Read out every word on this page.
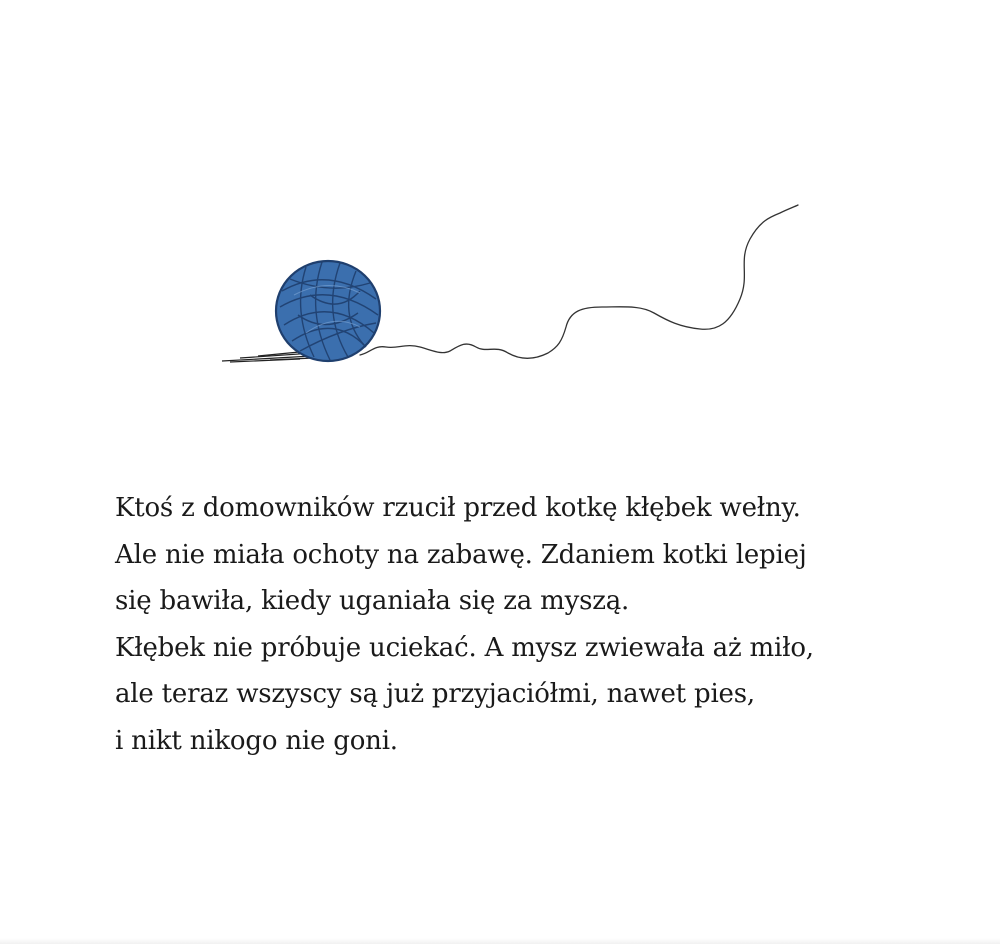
Ktoś z domowników rzucił przed kotkę kłębek wełny.
Ale nie miała ochoty na zabawę. Zdaniem kotki lepiej
się bawiła, kiedy uganiała się za myszą.
Kłębek nie próbuje uciekać. A mysz zwiewała aż miło,
ale teraz wszyscy są już przyjaciółmi, nawet pies,
i nikt nikogo nie goni.
